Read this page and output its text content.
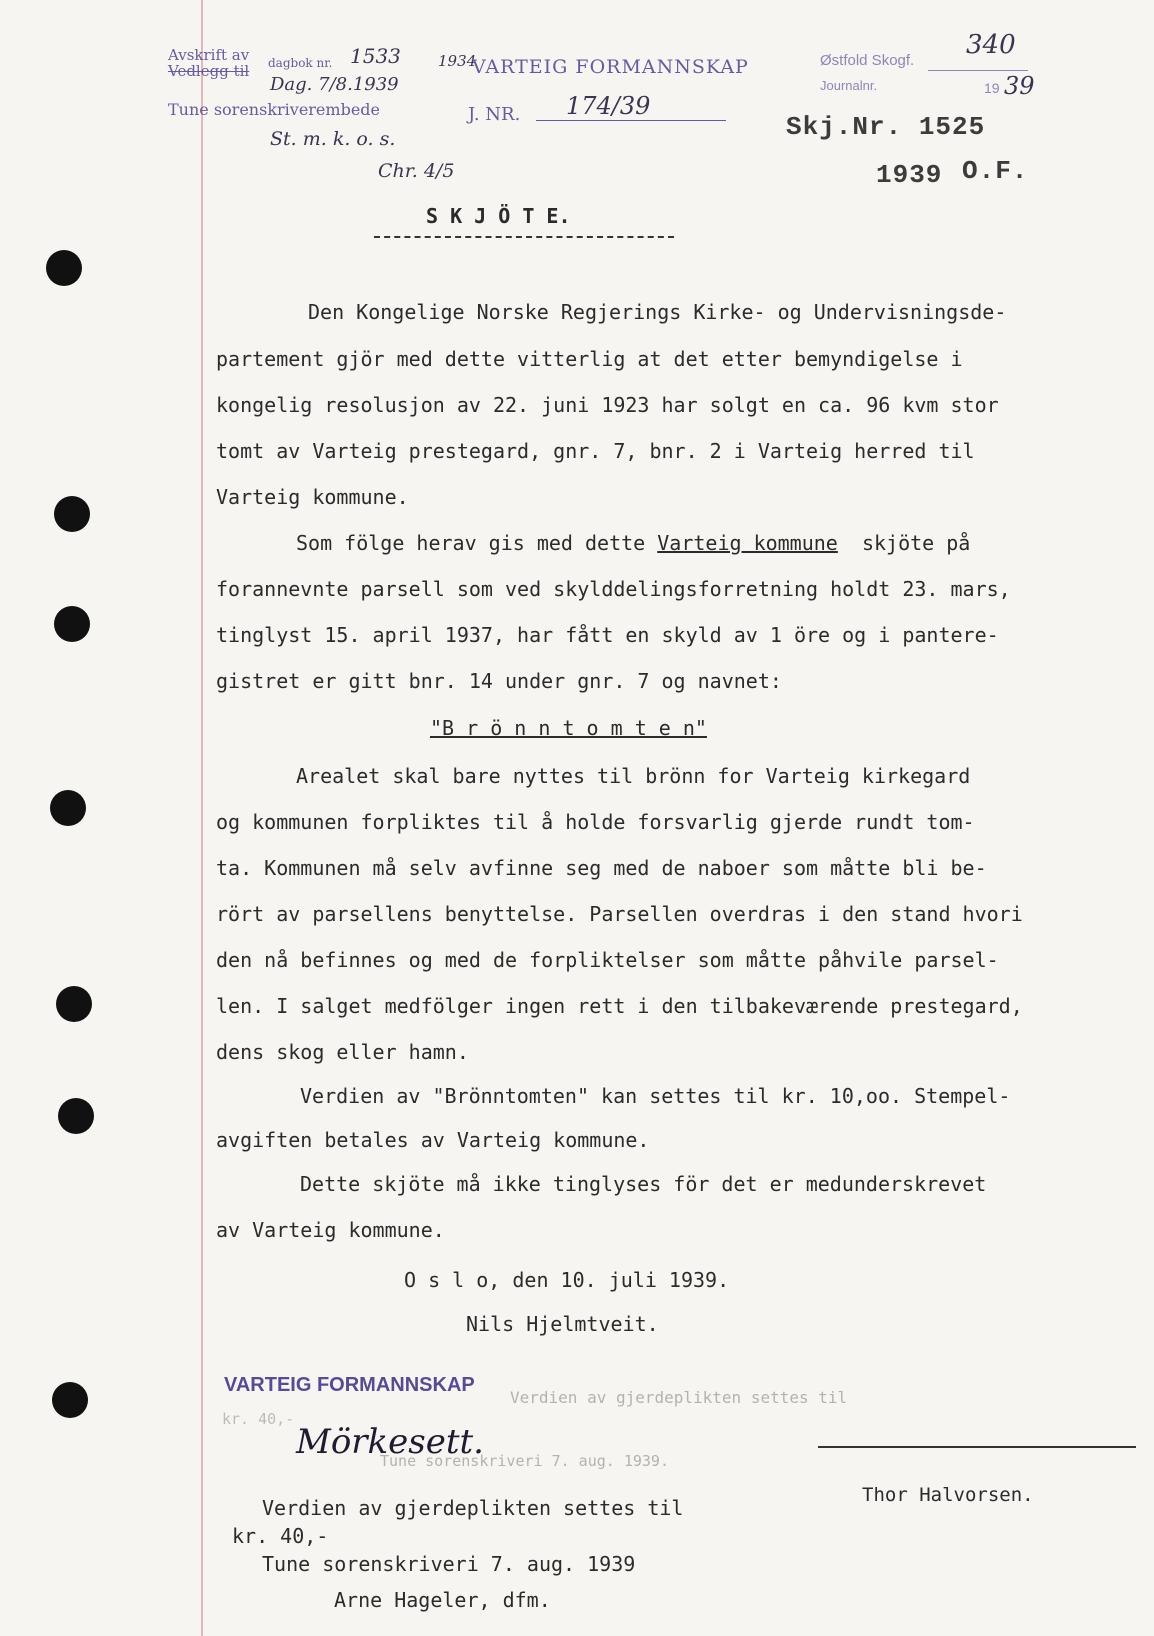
Avskrift av dagbok nr.
Vedlegg til
Tune sorenskriverembede
1533 1934
Dag. 7/8.1939
St. m. k. o. s.
Chr. 4/5
VARTEIG FORMANNSKAP
J. NR. 174/39
Østfold Skogf.
340
Journalnr.	19 39
Skj.Nr. 1525
1939 O.F.
S K J Ö T E.
Den Kongelige Norske Regjerings Kirke- og Undervisningsde-
partement gjör med dette vitterlig at det etter bemyndigelse i
kongelig resolusjon av 22. juni 1923 har solgt en ca. 96 kvm stor
tomt av Varteig prestegard, gnr. 7, bnr. 2 i Varteig herred til
Varteig kommune.
Som fölge herav gis med dette Varteig kommune  skjöte på
forannevnte parsell som ved skylddelingsforretning holdt 23. mars,
tinglyst 15. april 1937, har fått en skyld av 1 öre og i pantere-
gistret er gitt bnr. 14 under gnr. 7 og navnet:
"B r ö n n t o m t e n"
Arealet skal bare nyttes til brönn for Varteig kirkegard
og kommunen forpliktes til å holde forsvarlig gjerde rundt tom-
ta. Kommunen må selv avfinne seg med de naboer som måtte bli be-
rört av parsellens benyttelse. Parsellen overdras i den stand hvori
den nå befinnes og med de forpliktelser som måtte påhvile parsel-
len. I salget medfölger ingen rett i den tilbakeværende prestegard,
dens skog eller hamn.
Verdien av "Brönntomten" kan settes til kr. 10,oo. Stempel-
avgiften betales av Varteig kommune.
Dette skjöte må ikke tinglyses för det er medunderskrevet
av Varteig kommune.
O s l o, den 10. juli 1939.
Nils Hjelmtveit.
VARTEIG FORMANNSKAP
Verdien av gjerdeplikten settes til
kr. 40,-
Tune sorenskriveri 7. aug. 1939.
Mörkesett.
Thor Halvorsen.
Verdien av gjerdeplikten settes til
kr. 40,-
Tune sorenskriveri 7. aug. 1939
Arne Hageler, dfm.
